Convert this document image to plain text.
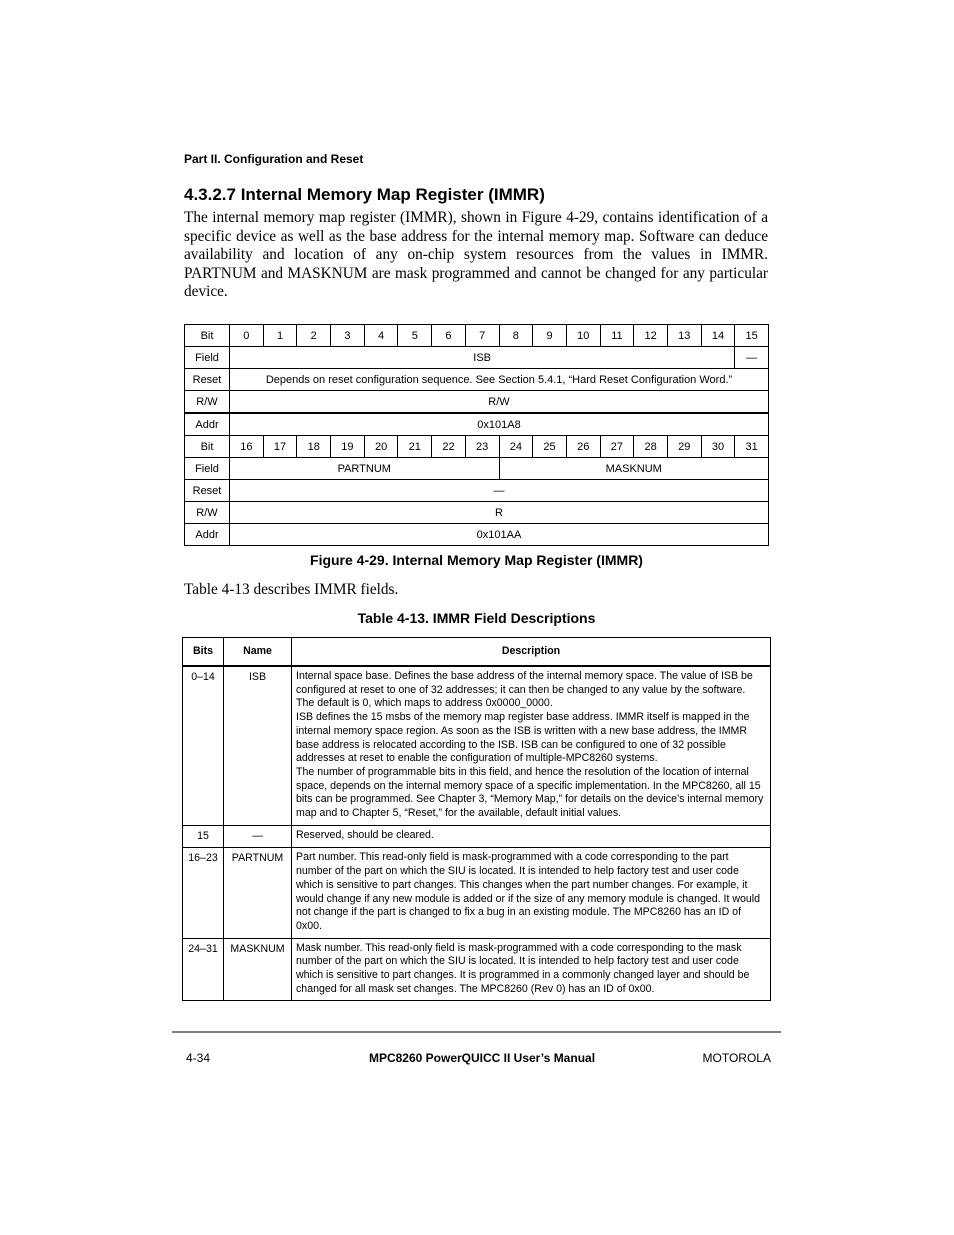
Part II. Configuration and Reset
4.3.2.7 Internal Memory Map Register (IMMR)

The internal memory map register (IMMR), shown in Figure 4-29, contains identification of a specific device as well as the base address for the internal memory map. Software can deduce availability and location of any on-chip system resources from the values in IMMR. PARTNUM and MASKNUM are mask programmed and cannot be changed for any particular device.

Bit	0	1	2	3	4	5	6	7	8	9	10	11	12	13	14	15
Field	ISB															—
Reset	Depends on reset configuration sequence. See Section 5.4.1, “Hard Reset Configuration Word.”															
R/W	R/W															
Addr	0x101A8															
Bit	16	17	18	19	20	21	22	23	24	25	26	27	28	29	30	31
Field	PARTNUM								MASKNUM							
Reset	—															
R/W	R															
Addr	0x101AA															
Figure 4-29. Internal Memory Map Register (IMMR)
Table 4-13 describes IMMR fields.
Table 4-13. IMMR Field Descriptions
Bits	Name	Description
0–14	ISB	Internal space base. Defines the base address of the internal memory space. The value of ISB be configured at reset to one of 32 addresses; it can then be changed to any value by the software. The default is 0, which maps to address 0x0000_0000.
ISB defines the 15 msbs of the memory map register base address. IMMR itself is mapped in the internal memory space region. As soon as the ISB is written with a new base address, the IMMR base address is relocated according to the ISB. ISB can be configured to one of 32 possible addresses at reset to enable the configuration of multiple-MPC8260 systems.
The number of programmable bits in this field, and hence the resolution of the location of internal space, depends on the internal memory space of a specific implementation. In the MPC8260, all 15 bits can be programmed. See Chapter 3, “Memory Map,” for details on the device’s internal memory map and to Chapter 5, “Reset,” for the available, default initial values.

15	—	Reserved, should be cleared.

16–23	PARTNUM	Part number. This read-only field is mask-programmed with a code corresponding to the part number of the part on which the SIU is located. It is intended to help factory test and user code which is sensitive to part changes. This changes when the part number changes. For example, it would change if any new module is added or if the size of any memory module is changed. It would not change if the part is changed to fix a bug in an existing module. The MPC8260 has an ID of 0x00.

24–31	MASKNUM	Mask number. This read-only field is mask-programmed with a code corresponding to the mask number of the part on which the SIU is located. It is intended to help factory test and user code which is sensitive to part changes. It is programmed in a commonly changed layer and should be changed for all mask set changes. The MPC8260 (Rev 0) has an ID of 0x00.
4-34	MPC8260 PowerQUICC II User’s Manual	MOTOROLA
